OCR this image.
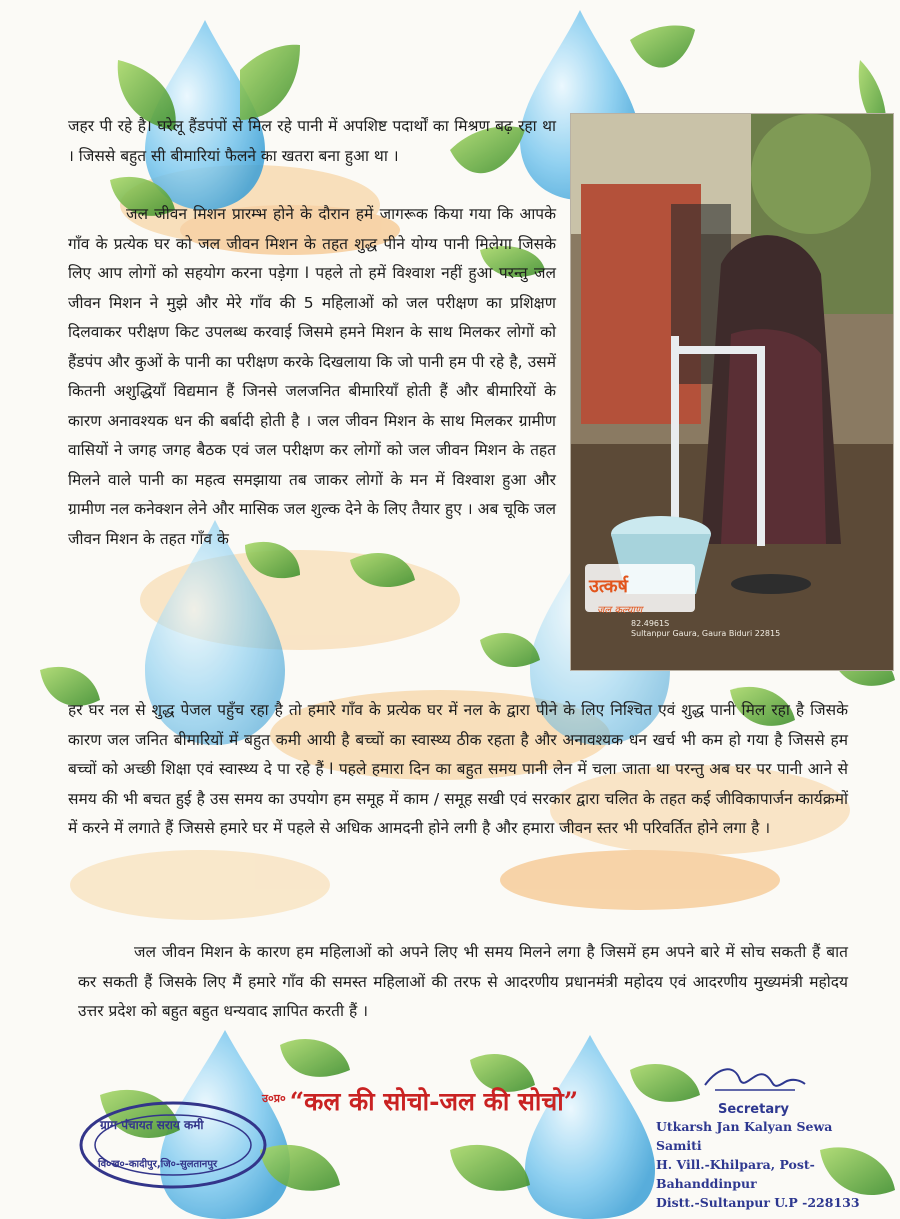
जहर पी रहे है। घरेलू हैंडपंपों से मिल रहे पानी में अपशिष्ट पदार्थों का मिश्रण बढ़ रहा था । जिससे बहुत सी बीमारियां फैलने का खतरा बना हुआ था ।

जल जीवन मिशन प्रारम्भ होने के दौरान हमें जागरूक किया गया कि आपके गाँव के प्रत्येक घर को जल जीवन मिशन के तहत शुद्ध पीने योग्य पानी मिलेगा जिसके लिए आप लोगों को सहयोग करना पड़ेगा l पहले तो हमें विश्वाश नहीं हुआ परन्तु जल जीवन मिशन ने मुझे और मेरे गाँव की 5 महिलाओं को जल परीक्षण का प्रशिक्षण दिलवाकर परीक्षण किट उपलब्ध करवाई जिसमे हमने मिशन के साथ मिलकर लोगों को हैंडपंप और कुओं के पानी का परीक्षण करके दिखलाया कि जो पानी हम पी रहे है, उसमें कितनी अशुद्धियाँ विद्यमान हैं जिनसे जलजनित बीमारियाँ होती हैं और बीमारियों के कारण अनावश्यक धन की बर्बादी होती है । जल जीवन मिशन के साथ मिलकर ग्रामीण वासियों ने जगह जगह बैठक एवं जल परीक्षण कर लोगों को जल जीवन मिशन के तहत मिलने वाले पानी का महत्व समझाया तब जाकर लोगों के मन में विश्वाश हुआ और ग्रामीण नल कनेक्शन लेने और मासिक जल शुल्क देने के लिए तैयार हुए । अब चूकि जल जीवन मिशन के तहत गाँव के

हर घर नल से शुद्ध पेजल पहुँच रहा है तो हमारे गाँव के प्रत्येक घर में नल के द्वारा पीने के लिए निश्चित एवं शुद्ध पानी मिल रहा है जिसके कारण जल जनित बीमारियों में बहुत कमी आयी है बच्चों का स्वास्थ्य ठीक रहता है और अनावश्यक धन खर्च भी कम हो गया है जिससे हम बच्चों को अच्छी शिक्षा एवं स्वास्थ्य दे पा रहे हैं l पहले हमारा दिन का बहुत समय पानी लेन में चला जाता था परन्तु अब घर पर पानी आने से समय की भी बचत हुई है उस समय का उपयोग हम समूह में काम / समूह सखी एवं सरकार द्वारा चलित के तहत कई जीविकापार्जन कार्यक्रमों में करने में लगाते हैं जिससे हमारे घर में पहले से अधिक आमदनी होने लगी है और हमारा जीवन स्तर भी परिवर्तित होने लगा है ।

जल जीवन मिशन के कारण हम महिलाओं को अपने लिए भी समय मिलने लगा है जिसमें हम अपने बारे में सोच सकती हैं बात कर सकती हैं जिसके लिए मैं हमारे गाँव की समस्त महिलाओं की तरफ से आदरणीय प्रधानमंत्री महोदय एवं आदरणीय मुख्यमंत्री महोदय उत्तर प्रदेश को बहुत बहुत धन्यवाद ज्ञापित करती हैं ।

उत्कर्ष
जल कल्याण
82.4961S
Sultanpur Gaura, Gaura Biduri 22815
ग्राम पंचायत सराय कमी
वि०ख०-कादीपुर,जि०-सुलतानपुर
$^{उ०प्र०}$ “कल की सोचो-जल की सोचो”	Secretary
Utkarsh Jan Kalyan Sewa Samiti
H. Vill.-Khilpara, Post-Bahanddinpur
Distt.-Sultanpur U.P -228133
